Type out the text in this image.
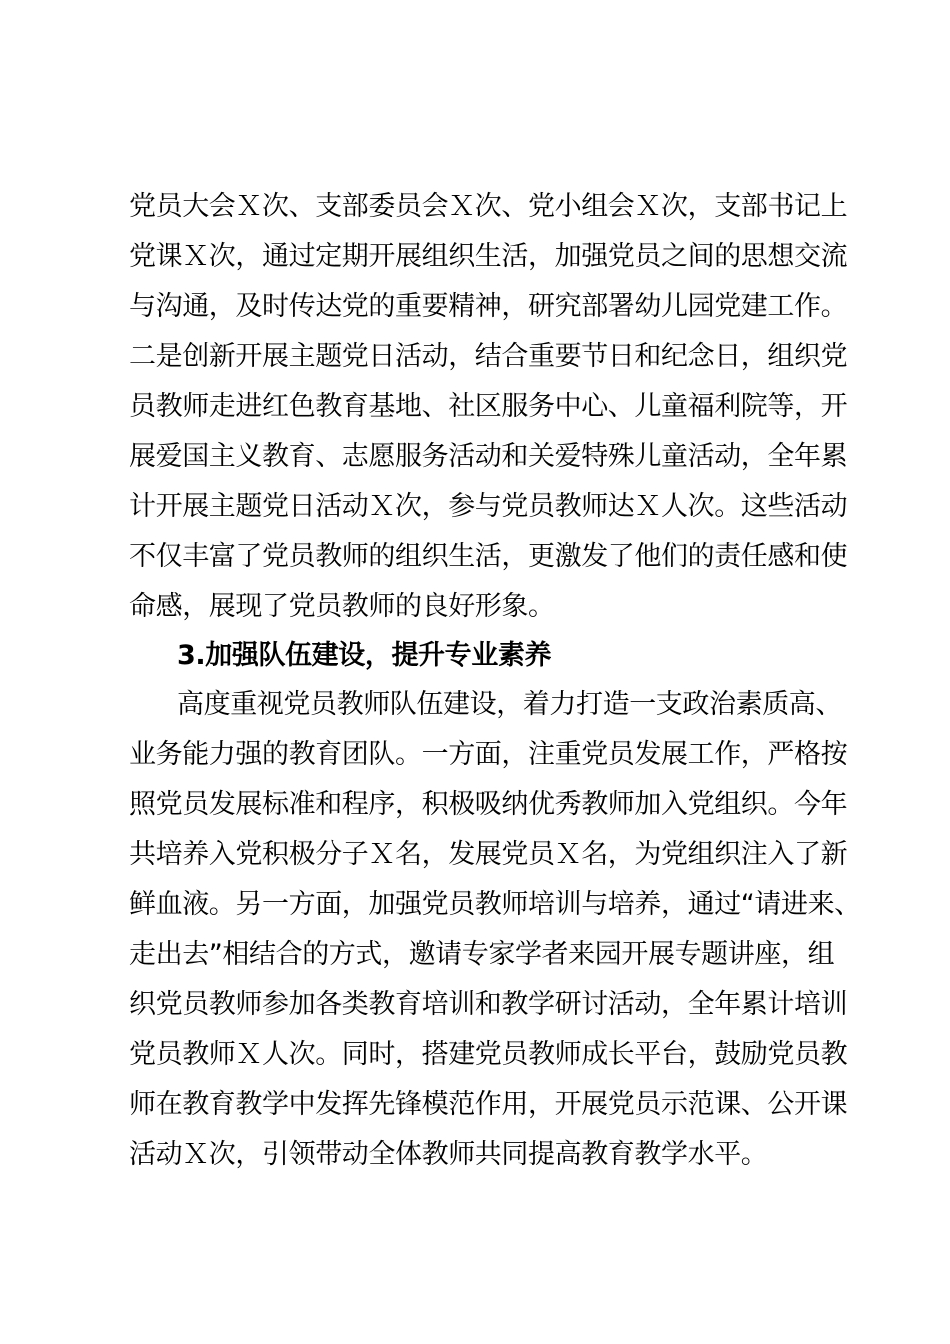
党员大会Ｘ次、支部委员会Ｘ次、党小组会Ｘ次，支部书记上
党课Ｘ次，通过定期开展组织生活，加强党员之间的思想交流
与沟通，及时传达党的重要精神，研究部署幼儿园党建工作。
二是创新开展主题党日活动，结合重要节日和纪念日，组织党
员教师走进红色教育基地、社区服务中心、儿童福利院等，开
展爱国主义教育、志愿服务活动和关爱特殊儿童活动，全年累
计开展主题党日活动Ｘ次，参与党员教师达Ｘ人次。这些活动
不仅丰富了党员教师的组织生活，更激发了他们的责任感和使
命感，展现了党员教师的良好形象。
3.加强队伍建设，提升专业素养
高度重视党员教师队伍建设，着力打造一支政治素质高、
业务能力强的教育团队。一方面，注重党员发展工作，严格按
照党员发展标准和程序，积极吸纳优秀教师加入党组织。今年
共培养入党积极分子Ｘ名，发展党员Ｘ名，为党组织注入了新
鲜血液。另一方面，加强党员教师培训与培养，通过“请进来、
走出去”相结合的方式，邀请专家学者来园开展专题讲座，组
织党员教师参加各类教育培训和教学研讨活动，全年累计培训
党员教师Ｘ人次。同时，搭建党员教师成长平台，鼓励党员教
师在教育教学中发挥先锋模范作用，开展党员示范课、公开课
活动Ｘ次，引领带动全体教师共同提高教育教学水平。
